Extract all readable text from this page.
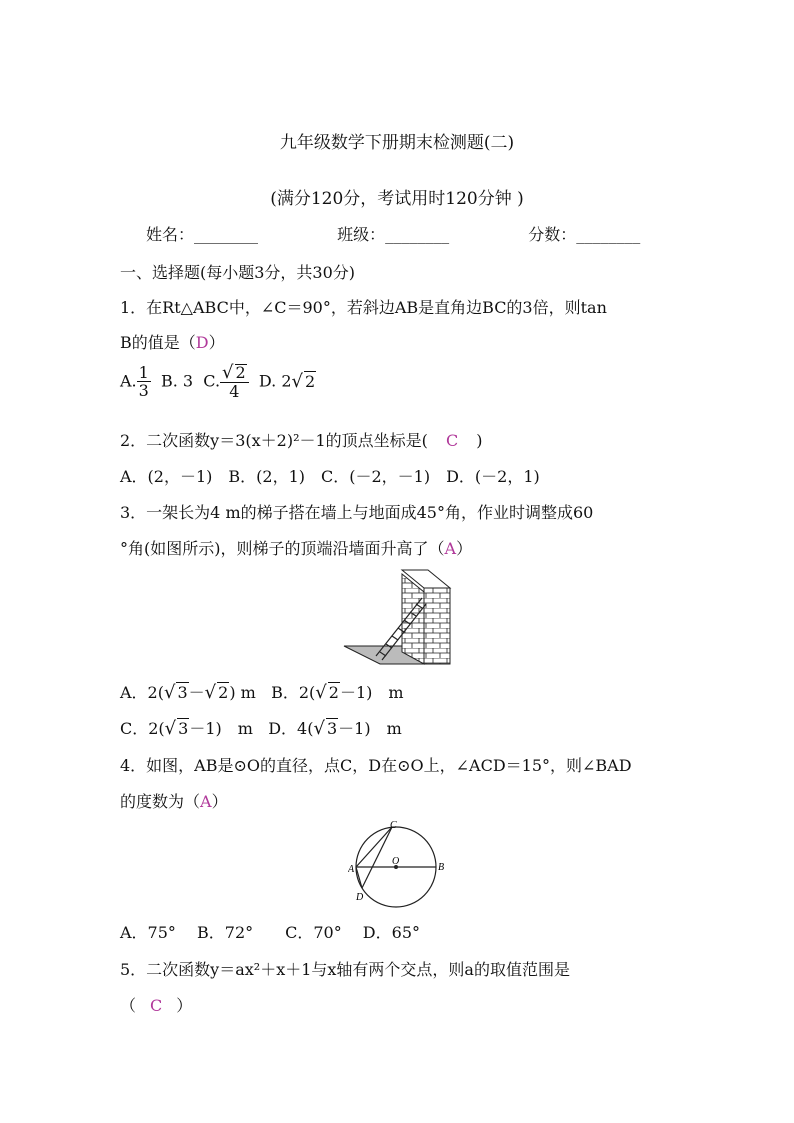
九年级数学下册期末检测题(二)
(满分120分，考试用时120分钟 )
姓名：________	班级：________	分数：________
一、选择题(每小题3分，共30分)
1．在Rt△ABC中，∠C＝90°，若斜边AB是直角边BC的3倍，则tan
B的值是（D）
A. $\frac{1}{3} B$. 3 C. $\frac{√ 2}{4} D$. 2√ 2
2．二次函数y＝3(x＋2)²－1的顶点坐标是( C )
A．(2，－1)　B．(2，1)　C．(－2，－1)　D．(－2，1)
3．一架长为4 m的梯子搭在墙上与地面成45°角，作业时调整成60
°角(如图所示)，则梯子的顶端沿墙面升高了（A）
A．2(√ 3－√ 2) m B．2(√ 2－1)　m
C．2(√ 3－1)　m D．4(√ 3－1)　m
4．如图，AB是⊙O的直径，点C，D在⊙O上，∠ACD＝15°，则∠BAD
的度数为（A）
C
O
A	B
D
A．75°　 B．72°　　C．70°　 D．65°
5．二次函数y＝ax²＋x＋1与x轴有两个交点，则a的取值范围是
（ C ）
